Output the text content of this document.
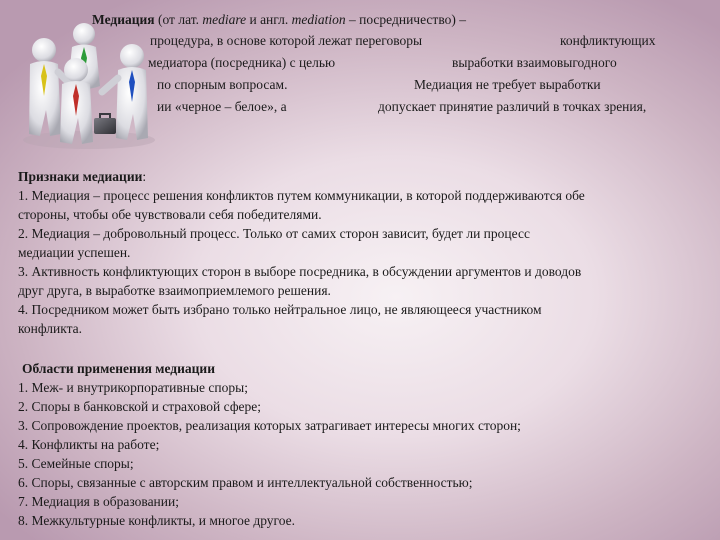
Медиация (от лат. mediare и англ. mediation – посредничество) –
процедура, в основе которой лежат переговоры	конфликтующих
медиатора (посредника) с целью	выработки взаимовыгодного
по спорным вопросам.	Медиация не требует выработки
ии «черное – белое», а	допускает принятие различий в точках зрения,
Признаки медиации:
1. Медиация – процесс решения конфликтов путем коммуникации, в которой поддерживаются обе
стороны, чтобы обе чувствовали себя победителями.
2. Медиация – добровольный процесс. Только от самих сторон зависит, будет ли процесс
медиации успешен.
3. Активность конфликтующих сторон в выборе посредника, в обсуждении аргументов и доводов
друг друга, в выработке взаимоприемлемого решения.
4. Посредником может быть избрано только нейтральное лицо, не являющееся участником
конфликта.
Области применения медиации
1. Меж- и внутрикорпоративные споры;
2. Споры в банковской и страховой сфере;
3. Сопровождение проектов, реализация которых затрагивает интересы многих сторон;
4. Конфликты на работе;
5. Семейные споры;
6. Споры, связанные с авторским правом и интеллектуальной собственностью;
7. Медиация в образовании;
8. Межкультурные конфликты, и многое другое.
